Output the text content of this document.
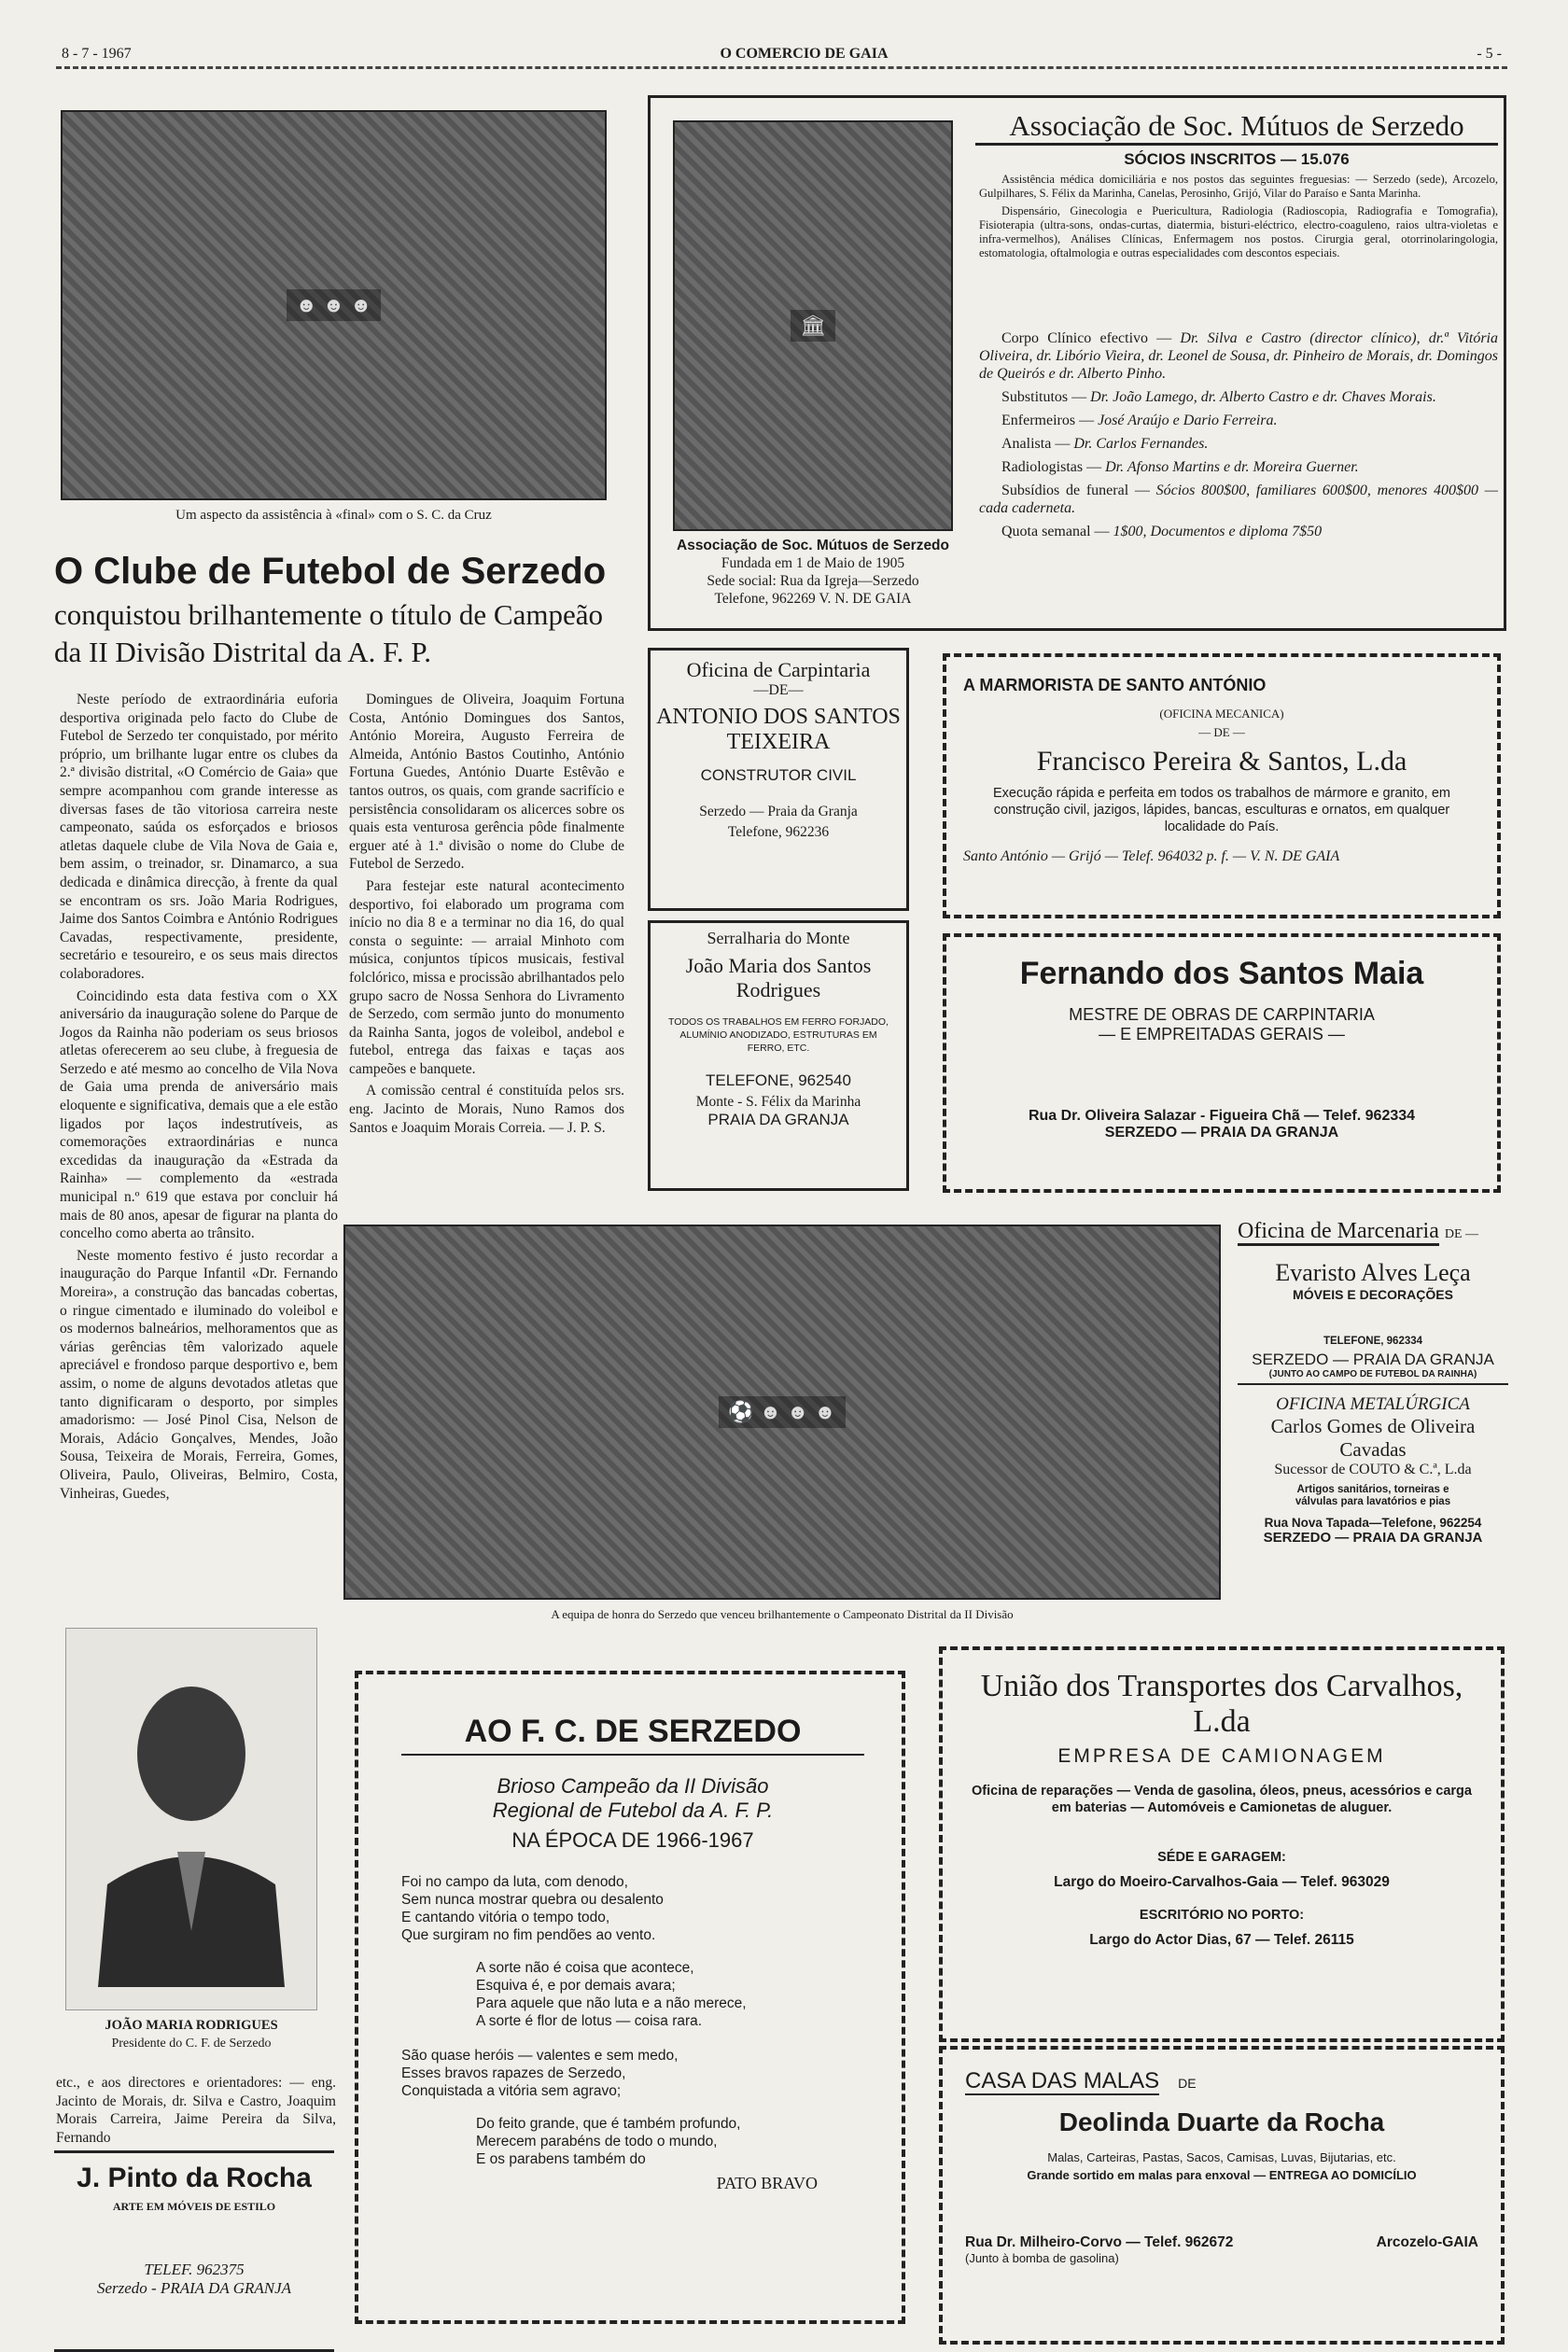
8 - 7 - 1967	O COMERCIO DE GAIA	- 5 -
☻ ☻ ☻
Um aspecto da assistência à «final» com o S. C. da Cruz
O Clube de Futebol de Serzedo
conquistou brilhantemente o título de Campeão
da II Divisão Distrital da A. F. P.

Neste período de extraordinária euforia desportiva originada pelo facto do Clube de Futebol de Serzedo ter conquistado, por mérito próprio, um brilhante lugar entre os clubes da 2.ª divisão distrital, «O Comércio de Gaia» que sempre acompanhou com grande interesse as diversas fases de tão vitoriosa carreira neste campeonato, saúda os esforçados e briosos atletas daquele clube de Vila Nova de Gaia e, bem assim, o treinador, sr. Dinamarco, a sua dedicada e dinâmica direcção, à frente da qual se encontram os srs. João Maria Rodrigues, Jaime dos Santos Coimbra e António Rodrigues Cavadas, respectivamente, presidente, secretário e tesoureiro, e os seus mais directos colaboradores.

Coincidindo esta data festiva com o XX aniversário da inauguração solene do Parque de Jogos da Rainha não poderiam os seus briosos atletas oferecerem ao seu clube, à freguesia de Serzedo e até mesmo ao concelho de Vila Nova de Gaia uma prenda de aniversário mais eloquente e significativa, demais que a ele estão ligados por laços indestrutíveis, as comemorações extraordinárias e nunca excedidas da inauguração da «Estrada da Rainha» — complemento da «estrada municipal n.º 619 que estava por concluir há mais de 80 anos, apesar de figurar na planta do concelho como aberta ao trânsito.

Neste momento festivo é justo recordar a inauguração do Parque Infantil «Dr. Fernando Moreira», a construção das bancadas cobertas, o ringue cimentado e iluminado do voleibol e os modernos balneários, melhoramentos que as várias gerências têm valorizado aquele apreciável e frondoso parque desportivo e, bem assim, o nome de alguns devotados atletas que tanto dignificaram o desporto, por simples amadorismo: — José Pinol Cisa, Nelson de Morais, Adácio Gonçalves, Mendes, João Sousa, Teixeira de Morais, Ferreira, Gomes, Oliveira, Paulo, Oliveiras, Belmiro, Costa, Vinheiras, Guedes,

Domingues de Oliveira, Joaquim Fortuna Costa, António Domingues dos Santos, António Moreira, Augusto Ferreira de Almeida, António Bastos Coutinho, António Fortuna Guedes, António Duarte Estêvão e tantos outros, os quais, com grande sacrifício e persistência consolidaram os alicerces sobre os quais esta venturosa gerência pôde finalmente erguer até à 1.ª divisão o nome do Clube de Futebol de Serzedo.

Para festejar este natural acontecimento desportivo, foi elaborado um programa com início no dia 8 e a terminar no dia 16, do qual consta o seguinte: — arraial Minhoto com música, conjuntos típicos musicais, festival folclórico, missa e procissão abrilhantados pelo grupo sacro de Nossa Senhora do Livramento de Serzedo, com sermão junto do monumento da Rainha Santa, jogos de voleibol, andebol e futebol, entrega das faixas e taças aos campeões e banquete.

A comissão central é constituída pelos srs. eng. Jacinto de Morais, Nuno Ramos dos Santos e Joaquim Morais Correia. — J. P. S.

🏛
Associação de Soc. Mútuos de Serzedo
Fundada em 1 de Maio de 1905
Sede social: Rua da Igreja—Serzedo
Telefone, 962269 V. N. DE GAIA
Associação de Soc. Mútuos de Serzedo
SÓCIOS INSCRITOS — 15.076
Assistência médica domiciliária e nos postos das seguintes freguesias: — Serzedo (sede), Arcozelo, Gulpilhares, S. Félix da Marinha, Canelas, Perosinho, Grijó, Vilar do Paraíso e Santa Marinha.
Dispensário, Ginecologia e Puericultura, Radiologia (Radioscopia, Radiografia e Tomografia), Fisioterapia (ultra-sons, ondas-curtas, diatermia, bisturi-eléctrico, electro-coaguleno, raios ultra-violetas e infra-vermelhos), Análises Clínicas, Enfermagem nos postos. Cirurgia geral, otorrinolaringologia, estomatologia, oftalmologia e outras especialidades com descontos especiais.
Corpo Clínico efectivo — Dr. Silva e Castro (director clínico), dr.ª Vitória Oliveira, dr. Libório Vieira, dr. Leonel de Sousa, dr. Pinheiro de Morais, dr. Domingos de Queirós e dr. Alberto Pinho.
Substitutos — Dr. João Lamego, dr. Alberto Castro e dr. Chaves Morais.
Enfermeiros — José Araújo e Dario Ferreira.
Analista — Dr. Carlos Fernandes.
Radiologistas — Dr. Afonso Martins e dr. Moreira Guerner.
Subsídios de funeral — Sócios 800$00, familiares 600$00, menores 400$00 — cada caderneta.
Quota semanal — 1$00, Documentos e diploma 7$50
Oficina de Carpintaria
—DE—
ANTONIO DOS SANTOS
TEIXEIRA
CONSTRUTOR CIVIL
Serzedo — Praia da Granja
Telefone, 962236
Serralharia do Monte
João Maria dos Santos
Rodrigues
TODOS OS TRABALHOS EM FERRO FORJADO, ALUMÍNIO ANODIZADO, ESTRUTURAS EM FERRO, ETC.
TELEFONE, 962540
Monte - S. Félix da Marinha
PRAIA DA GRANJA
A MARMORISTA DE SANTO ANTÓNIO
(OFICINA MECANICA)
— DE —
Francisco Pereira & Santos, L.da
Execução rápida e perfeita em todos os trabalhos de mármore e granito, em construção civil, jazigos, lápides, bancas, esculturas e ornatos, em qualquer localidade do País.
Santo António — Grijó — Telef. 964032 p. f. — V. N. DE GAIA
Fernando dos Santos Maia
MESTRE DE OBRAS DE CARPINTARIA
— E EMPREITADAS GERAIS —
Rua Dr. Oliveira Salazar - Figueira Chã — Telef. 962334
SERZEDO — PRAIA DA GRANJA
⚽ ☻ ☻ ☻
A equipa de honra do Serzedo que venceu brilhantemente o Campeonato Distrital da II Divisão
Oficina de Marcenaria DE —
Evaristo Alves Leça
MÓVEIS E DECORAÇÕES
TELEFONE, 962334
SERZEDO — PRAIA DA GRANJA
(JUNTO AO CAMPO DE FUTEBOL DA RAINHA)
OFICINA METALÚRGICA
Carlos Gomes de Oliveira Cavadas
Sucessor de COUTO & C.ª, L.da
Artigos sanitários, torneiras e válvulas para lavatórios e pias
Rua Nova Tapada—Telefone, 962254
SERZEDO — PRAIA DA GRANJA
JOÃO MARIA RODRIGUES
Presidente do C. F. de Serzedo
etc., e aos directores e orientadores: — eng. Jacinto de Morais, dr. Silva e Castro, Joaquim Morais Carreira, Jaime Pereira da Silva, Fernando
J. Pinto da Rocha
ARTE EM MÓVEIS DE ESTILO
TELEF. 962375
Serzedo - PRAIA DA GRANJA
AO F. C. DE SERZEDO
Brioso Campeão da II Divisão
Regional de Futebol da A. F. P.
NA ÉPOCA DE 1966-1967
Foi no campo da luta, com denodo,
Sem nunca mostrar quebra ou desalento
E cantando vitória o tempo todo,
Que surgiram no fim pendões ao vento.
A sorte não é coisa que acontece,
Esquiva é, e por demais avara;
Para aquele que não luta e a não merece,
A sorte é flor de lotus — coisa rara.
São quase heróis — valentes e sem medo,
Esses bravos rapazes de Serzedo,
Conquistada a vitória sem agravo;
Do feito grande, que é também profundo,
Merecem parabéns de todo o mundo,
E os parabens também do
PATO BRAVO
União dos Transportes dos Carvalhos, L.da
EMPRESA DE CAMIONAGEM
Oficina de reparações — Venda de gasolina, óleos, pneus, acessórios e carga em baterias — Automóveis e Camionetas de aluguer.
SÉDE E GARAGEM:
Largo do Moeiro-Carvalhos-Gaia — Telef. 963029
ESCRITÓRIO NO PORTO:
Largo do Actor Dias, 67 — Telef. 26115
CASA DAS MALAS DE
Deolinda Duarte da Rocha
Malas, Carteiras, Pastas, Sacos, Camisas, Luvas, Bijutarias, etc.
Grande sortido em malas para enxoval — ENTREGA AO DOMICÍLIO
Rua Dr. Milheiro-Corvo — Telef. 962672	Arcozelo-GAIA
(Junto à bomba de gasolina)
